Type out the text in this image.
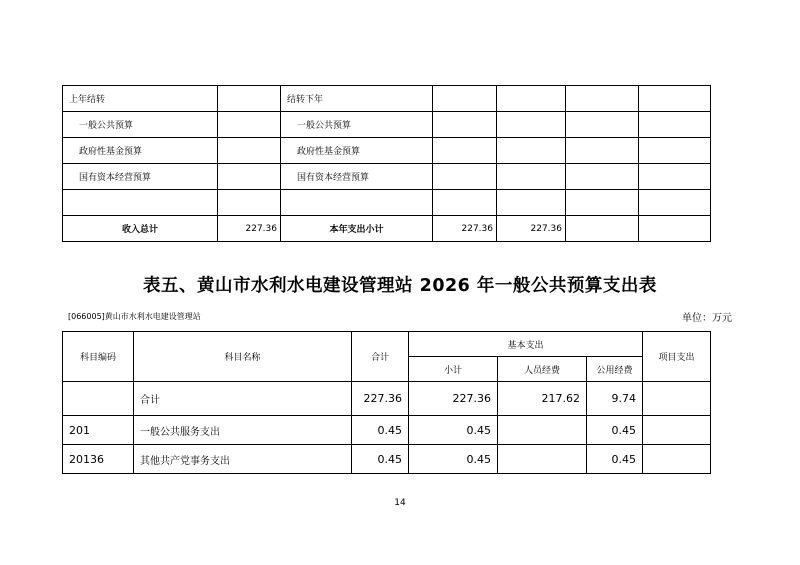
上年结转		结转下年				
一般公共预算		一般公共预算				
政府性基金预算		政府性基金预算				
国有资本经营预算		国有资本经营预算				

收入总计	227.36	本年支出小计	227.36	227.36		
表五、黄山市水利水电建设管理站 2026 年一般公共预算支出表
[066005]黄山市水利水电建设管理站	单位：万元
科目编码	科目名称	合计	基本支出			项目支出
			小计	人员经费	公用经费	
	合计	227.36	227.36	217.62	9.74	
201	一般公共服务支出	0.45	0.45		0.45	
20136	其他共产党事务支出	0.45	0.45		0.45	
14
